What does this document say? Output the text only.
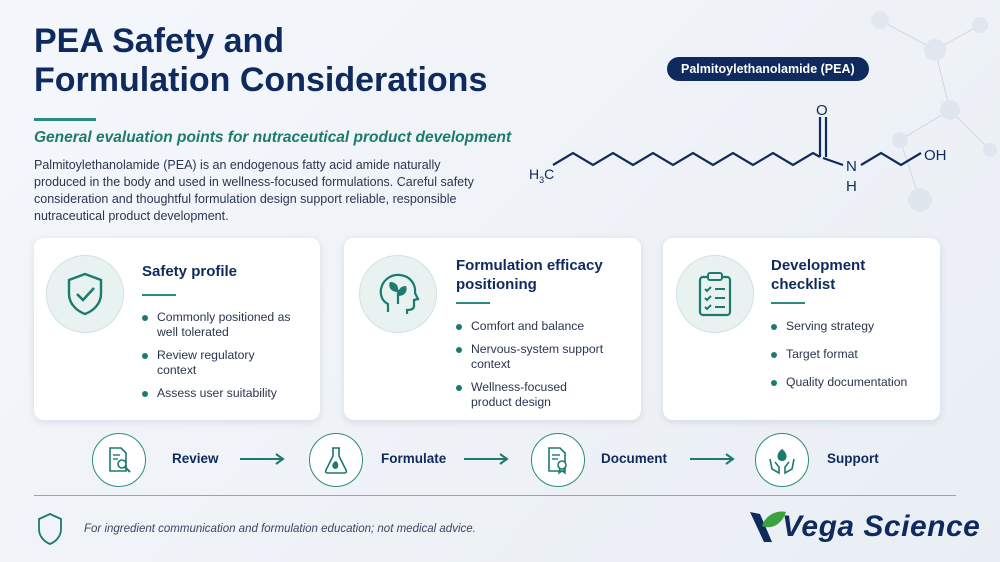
PEA Safety and
Formulation Considerations
General evaluation points for nutraceutical product development
Palmitoylethanolamide (PEA) is an endogenous fatty acid amide naturally produced in the body and used in wellness-focused formulations. Careful safety consideration and thoughtful formulation design support reliable, responsible nutraceutical product development.
Palmitoylethanolamide (PEA)
O
N
H
OH
$H_3C$
Safety profile
Commonly positioned as well tolerated
Review regulatory context
Assess user suitability
Formulation efficacy positioning
Comfort and balance
Nervous-system support context
Wellness-focused product design
Development checklist
Serving strategy
Target format
Quality documentation
Review	Formulate	Document	Support
For ingredient communication and formulation education; not medical advice.	Vega Science
